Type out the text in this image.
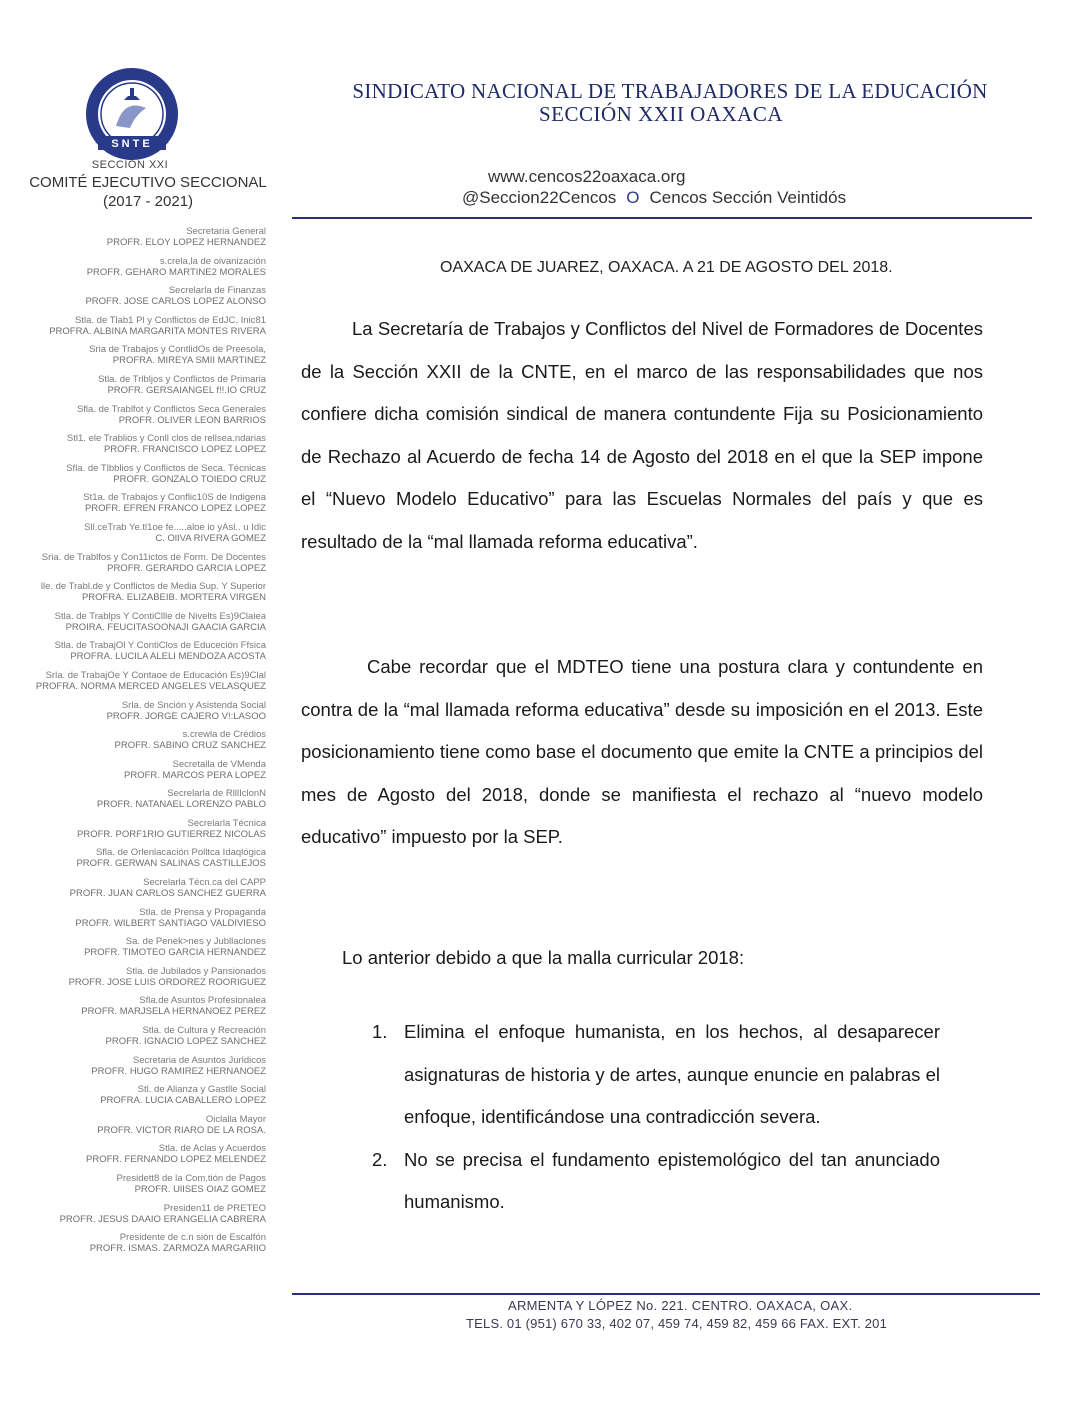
SNTE
SECCION XXI
COMITÉ EJECUTIVO SECCIONAL
(2017 - 2021)
SINDICATO NACIONAL DE TRABAJADORES DE LA EDUCACIÓN
SECCIÓN XXII OAXACA
www.cencos22oaxaca.org
@Seccion22Cencos O Cencos Sección Veintidós
Secretaria General
PROFR. ELOY LOPEZ HERNANDEZ
s.crela,la de oivanización
PROFR. GEHARO MARTINE2 MORALES
Secrelarla de Finanzas
PROFR. JOSE CARLOS LOPEZ ALONSO
Stla. de Tlab1 Pl y Conflictos de EdJC. Inic81
PROFRA. ALBINA MARGARITA MONTES RIVERA
Sria de Trabajos y ContlidOs de Preesola,
PROFRA. MIREYA SMII MARTINEZ
Stla. de Trlbljos y Conflictos de Primaria
PROFR. GERSAIANGEL f!!.IO CRUZ
Sfla. de Trablfot y Conflictos Seca Generales
PROFR. OLIVER LEON BARRIOS
Stl1. ele Trablios y Conll clos de rellsea.ndarias
PROFR. FRANCISCO LOPEZ LOPEZ
Sfla. de Tlbblios y Conflictos de Seca. Técnicas
PROFR. GONZALO TOIEDO CRUZ
St1a. de Trabajos y Conflic10S de Indigena
PROFR. EFREN FRANCO LOPEZ LOPEZ
Sll.ceTrab Ye.tl1oe fe.....aloe io yAsl.. u Idic
C. OlIVA RIVERA GOMEZ
Sria. de Trablfos y Con11ictos de Form. De Docentes
PROFR. GERARDO GARCIA LOPEZ
lle. de Trabl.de y Conflictos de Media Sup. Y Superior
PROFRA. ELIZABEIB. MORTERA VIRGEN
Stla. de Trablps Y ContiCllle de Nivelts Es)9Claiea
PROIRA. FEUCITASOONAJI GAACIA GARCIA
Stla. de TrabajOl Y ContiClos de Educeción Ffsica
PROFRA. LUCILA ALELI MENDOZA ACOSTA
Srla. de TrabajOe Y Contaoe de Educación Es)9Clal
PROFRA. NORMA MERCED ANGELES VELASQUEZ
Srla. de Snción y Asistenda Social
PROFR. JORGE CAJERO V!:LASOO
s.crewla de Crédios
PROFR. SABINO CRUZ SANCHEZ
Secretalla de VMenda
PROFR. MARCOS PERA LOPEZ
Secrelarla de RlllIclonN
PROFR. NATANAEL LORENZO PABLO
Secrelarla Técnica
PROFR. PORF1RIO GUTIERREZ NICOLAS
Sfla. de Orlenlacación Polltca Idaqlógica
PROFR. GERWAN SALINAS CASTILLEJOS
Secrelarla Técn.ca del CAPP
PROFR. JUAN CARLOS SANCHEZ GUERRA
Stla. de Prensa y Propaganda
PROFR. WILBERT SANTIAGO VALDIVIESO
Sa. de Penek>nes y Jubllaclones
PROFR. TIMOTEO GARCIA HERNANDEZ
Stla. de Jubilados y Pansionados
PROFR. JOSE LUIS ORDOREZ ROORIGUEZ
Sfla.de Asuntos Profesionalea
PROFR. MARJSELA HERNANOEZ PEREZ
Stla. de Cultura y Recreación
PROFR. IGNACIO LOPEZ SANCHEZ
Secretaria de Asuntos Jurldicos
PROFR. HUGO RAMIREZ HERNANOEZ
Stl. de Alianza y Gastlle Social
PROFRA. LUCIA CABALLERO LOPEZ
Oiclalla Mayor
PROFR. VICTOR RIARO DE LA ROSA.
Stla. de Aclas y Acuerdos
PROFR. FERNANDO LOPEZ MELENDEZ
Presidett8 de la Com.tión de Pagos
PROFR. UlISES OIAZ GOMEZ
Presiden11 de PRETEO
PROFR. JESUS DAAIO ERANGELIA CABRERA
Presidente de c.n sión de Escalfón
PROFR. ISMAS. ZARMOZA MARGARIIO
OAXACA DE JUAREZ, OAXACA. A 21 DE AGOSTO DEL 2018.
La Secretaría de Trabajos y Conflictos del Nivel de Formadores de Docentes de la Sección XXII de la CNTE, en el marco de las responsabilidades que nos confiere dicha comisión sindical de manera contundente Fija su Posicionamiento de Rechazo al Acuerdo de fecha 14 de Agosto del 2018 en el que la SEP impone el “Nuevo Modelo Educativo” para las Escuelas Normales del país y que es resultado de la “mal llamada reforma educativa”.
Cabe recordar que el MDTEO tiene una postura clara y contundente en contra de la “mal llamada reforma educativa” desde su imposición en el 2013. Este posicionamiento tiene como base el documento que emite la CNTE a principios del mes de Agosto del 2018, donde se manifiesta el rechazo al “nuevo modelo educativo” impuesto por la SEP.
Lo anterior debido a que la malla curricular 2018:
1. Elimina el enfoque humanista, en los hechos, al desaparecer asignaturas de historia y de artes, aunque enuncie en palabras el enfoque, identificándose una contradicción severa.
2. No se precisa el fundamento epistemológico del tan anunciado humanismo.
ARMENTA Y LÓPEZ No. 221. CENTRO. OAXACA, OAX.
TELS. 01 (951) 670 33, 402 07, 459 74, 459 82, 459 66 FAX. EXT. 201
